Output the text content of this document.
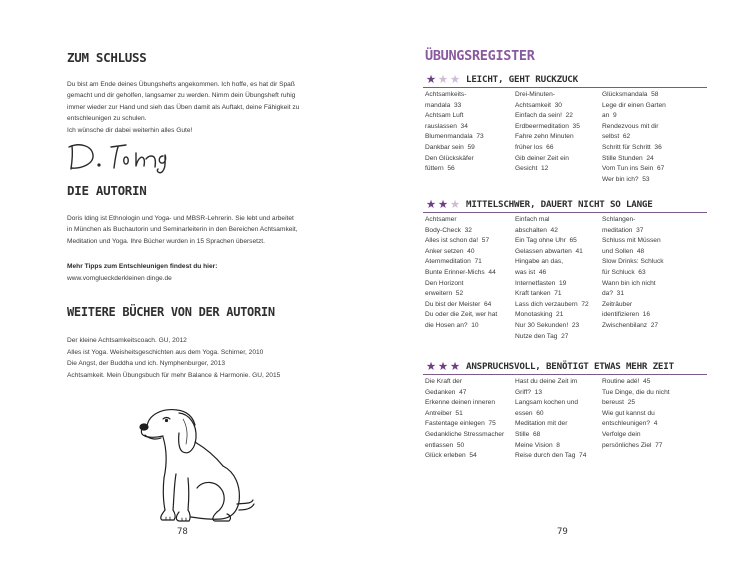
ZUM SCHLUSS
Du bist am Ende deines Übungshefts angekommen. Ich hoffe, es hat dir Spaß
gemacht und dir geholfen, langsamer zu werden. Nimm dein Übungsheft ruhig
immer wieder zur Hand und sieh das Üben damit als Auftakt, deine Fähigkeit zu
entschleunigen zu schulen.
Ich wünsche dir dabei weiterhin alles Gute!
DIE AUTORIN
Doris Iding ist Ethnologin und Yoga- und MBSR-Lehrerin. Sie lebt und arbeitet
in München als Buchautorin und Seminarleiterin in den Bereichen Achtsamkeit,
Meditation und Yoga. Ihre Bücher wurden in 15 Sprachen übersetzt.
Mehr Tipps zum Entschleunigen findest du hier:
www.vomglueckderkleinen dinge.de
WEITERE BÜCHER VON DER AUTORIN
Der kleine Achtsamkeitscoach. GU, 2012
Alles ist Yoga. Weisheitsgeschichten aus dem Yoga. Schirner, 2010
Die Angst, der Buddha und ich. Nymphenburger, 2013
Achtsamkeit. Mein Übungsbuch für mehr Balance & Harmonie. GU, 2015
78
ÜBUNGSREGISTER
★ ★ ★ LEICHT, GEHT RUCKZUCK
Achtsamkeits-
mandala  33
Achtsam Luft
rauslassen  34
Blumenmandala  73
Dankbar sein  59
Den Glückskäfer
füttern  56
Drei-Minuten-
Achtsamkeit  30
Einfach da sein!  22
Erdbeermeditation  35
Fahre zehn Minuten
früher los  66
Gib deiner Zeit ein
Gesicht  12
Glücksmandala  58
Lege dir einen Garten
an  9
Rendezvous mit dir
selbst  62
Schritt für Schritt  36
Stille Stunden  24
Vom Tun ins Sein  67
Wer bin ich?  53
★ ★ ★ MITTELSCHWER, DAUERT NICHT SO LANGE
Achtsamer
Body-Check  32
Alles ist schon da!  57
Anker setzen  40
Atemmeditation  71
Bunte Erinner-Michs  44
Den Horizont
erweitern  52
Du bist der Meister  64
Du oder die Zeit, wer hat
die Hosen an?  10
Einfach mal
abschalten  42
Ein Tag ohne Uhr  65
Gelassen abwarten  41
Hingabe an das,
was ist  46
Internetfasten  19
Kraft tanken  71
Lass dich verzaubern  72
Monotasking  21
Nur 30 Sekunden!  23
Nutze den Tag  27
Schlangen-
meditation  37
Schluss mit Müssen
und Sollen  48
Slow Drinks: Schluck
für Schluck  63
Wann bin ich nicht
da?  31
Zeiträuber
identifizieren  16
Zwischenbilanz  27
★ ★ ★ ANSPRUCHSVOLL, BENÖTIGT ETWAS MEHR ZEIT
Die Kraft der
Gedanken  47
Erkenne deinen inneren
Antreiber  51
Fastentage einlegen  75
Gedankliche Stressmacher
entlassen  50
Glück erleben  54
Hast du deine Zeit im
Griff?  13
Langsam kochen und
essen  60
Meditation mit der
Stille  68
Meine Vision  8
Reise durch den Tag  74
Routine adé!  45
Tue Dinge, die du nicht
bereust  25
Wie gut kannst du
entschleunigen?  4
Verfolge dein
persönliches Ziel  77
79
